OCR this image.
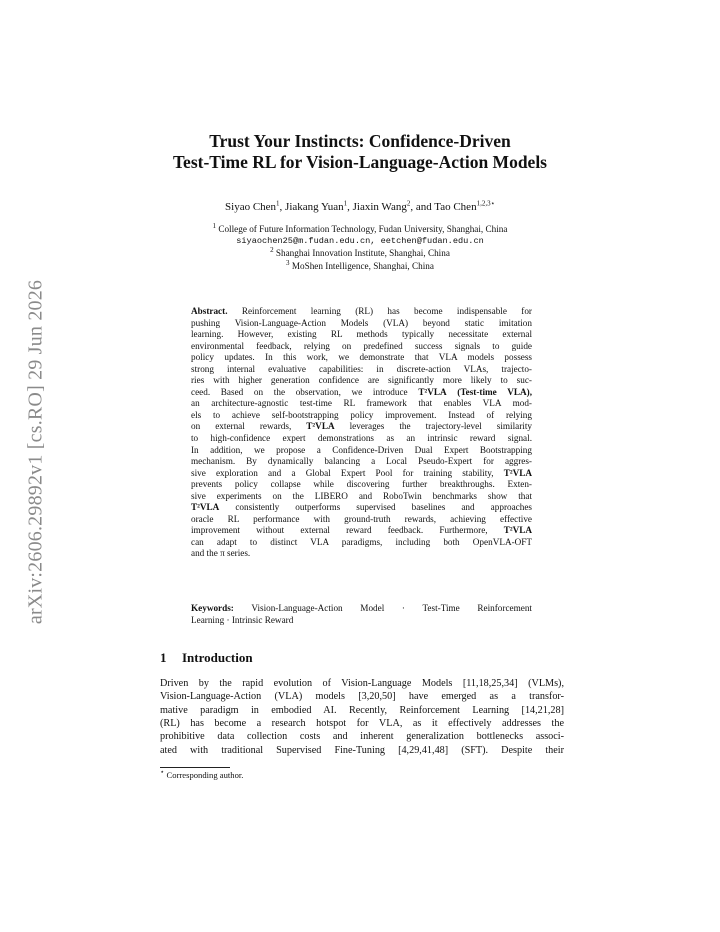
arXiv:2606.29892v1 [cs.RO] 29 Jun 2026
Trust Your Instincts: Confidence-Driven
Test-Time RL for Vision-Language-Action Models
Siyao Chen$^1$, Jiakang Yuan$^1$, Jiaxin Wang$^2$, and Tao Chen$^{1,2,3⋆}$
$^1$ College of Future Information Technology, Fudan University, Shanghai, China
siyaochen25@m.fudan.edu.cn, eetchen@fudan.edu.cn
$^2$ Shanghai Innovation Institute, Shanghai, China
$^3$ MoShen Intelligence, Shanghai, China
Abstract. Reinforcement learning (RL) has become indispensable for
pushing Vision-Language-Action Models (VLA) beyond static imitation
learning. However, existing RL methods typically necessitate external
environmental feedback, relying on predefined success signals to guide
policy updates. In this work, we demonstrate that VLA models possess
strong internal evaluative capabilities: in discrete-action VLAs, trajecto-
ries with higher generation confidence are significantly more likely to suc-
ceed. Based on the observation, we introduce T²VLA (Test-time VLA),
an architecture-agnostic test-time RL framework that enables VLA mod-
els to achieve self-bootstrapping policy improvement. Instead of relying
on external rewards, T²VLA leverages the trajectory-level similarity
to high-confidence expert demonstrations as an intrinsic reward signal.
In addition, we propose a Confidence-Driven Dual Expert Bootstrapping
mechanism. By dynamically balancing a Local Pseudo-Expert for aggres-
sive exploration and a Global Expert Pool for training stability, T²VLA
prevents policy collapse while discovering further breakthroughs. Exten-
sive experiments on the LIBERO and RoboTwin benchmarks show that
T²VLA consistently outperforms supervised baselines and approaches
oracle RL performance with ground-truth rewards, achieving effective
improvement without external reward feedback. Furthermore, T²VLA
can adapt to distinct VLA paradigms, including both OpenVLA-OFT
and the π series.
Keywords: Vision-Language-Action Model · Test-Time Reinforcement
Learning · Intrinsic Reward
1 Introduction
Driven by the rapid evolution of Vision-Language Models [11,18,25,34] (VLMs),
Vision-Language-Action (VLA) models [3,20,50] have emerged as a transfor-
mative paradigm in embodied AI. Recently, Reinforcement Learning [14,21,28]
(RL) has become a research hotspot for VLA, as it effectively addresses the
prohibitive data collection costs and inherent generalization bottlenecks associ-
ated with traditional Supervised Fine-Tuning [4,29,41,48] (SFT). Despite their
⋆ Corresponding author.
